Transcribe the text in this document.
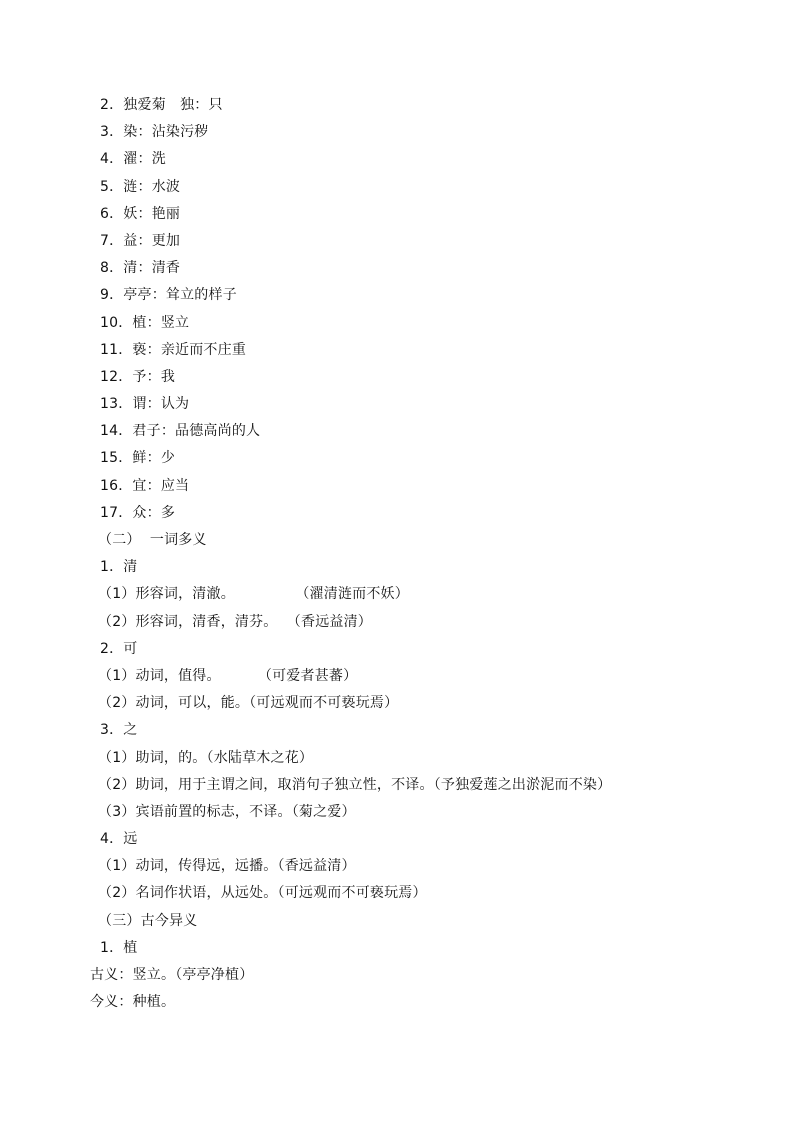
2．独爱菊　独：只
3．染：沾染污秽
4．濯：洗
5．涟：水波
6．妖：艳丽
7．益：更加
8．清：清香
9．亭亭：耸立的样子
10．植：竖立
11．亵：亲近而不庄重
12．予：我
13．谓：认为
14．君子：品德高尚的人
15．鲜：少
16．宜：应当
17．众：多
（二）  一词多义
1．清
（1）形容词，清澈。             （濯清涟而不妖）
（2）形容词，清香，清芬。  （香远益清）
2．可
（1）动词，值得。        （可爱者甚蕃）
（2）动词，可以，能。（可远观而不可亵玩焉）
3．之
（1）助词，的。（水陆草木之花）
（2）助词，用于主谓之间，取消句子独立性，不译。（予独爱莲之出淤泥而不染）
（3）宾语前置的标志，不译。（菊之爱）
4．远
（1）动词，传得远，远播。（香远益清）
（2）名词作状语，从远处。（可远观而不可亵玩焉）
（三）古今异义
1．植
古义：竖立。（亭亭净植）
今义：种植。
